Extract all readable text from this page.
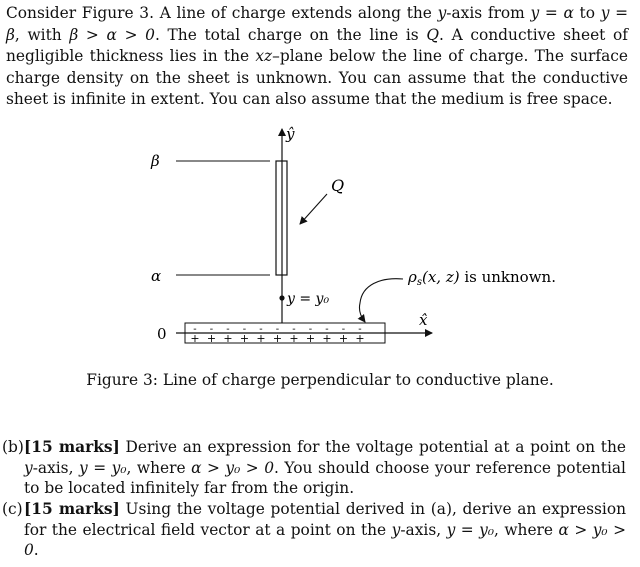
Consider Figure 3. A line of charge extends along the y-axis from y = α to y = β, with β > α > 0. The total charge on the line is Q. A conductive sheet of negligible thickness lies in the xz–plane below the line of charge. The surface charge density on the sheet is unknown. You can assume that the conductive sheet is infinite in extent. You can also assume that the medium is free space.
ŷ
β
α
0
Q
y = y₀
- - - - - - - - - - -
+ + + + + + + + + + +
x̂
$\rho_s(x$, z) is unknown.
Figure 3: Line of charge perpendicular to conductive plane.
(b) [15 marks] Derive an expression for the voltage potential at a point on the y-axis, y = y₀, where α > y₀ > 0. You should choose your reference potential to be located infinitely far from the origin.
(c) [15 marks] Using the voltage potential derived in (a), derive an expression for the electrical field vector at a point on the y-axis, y = y₀, where α > y₀ > 0.
